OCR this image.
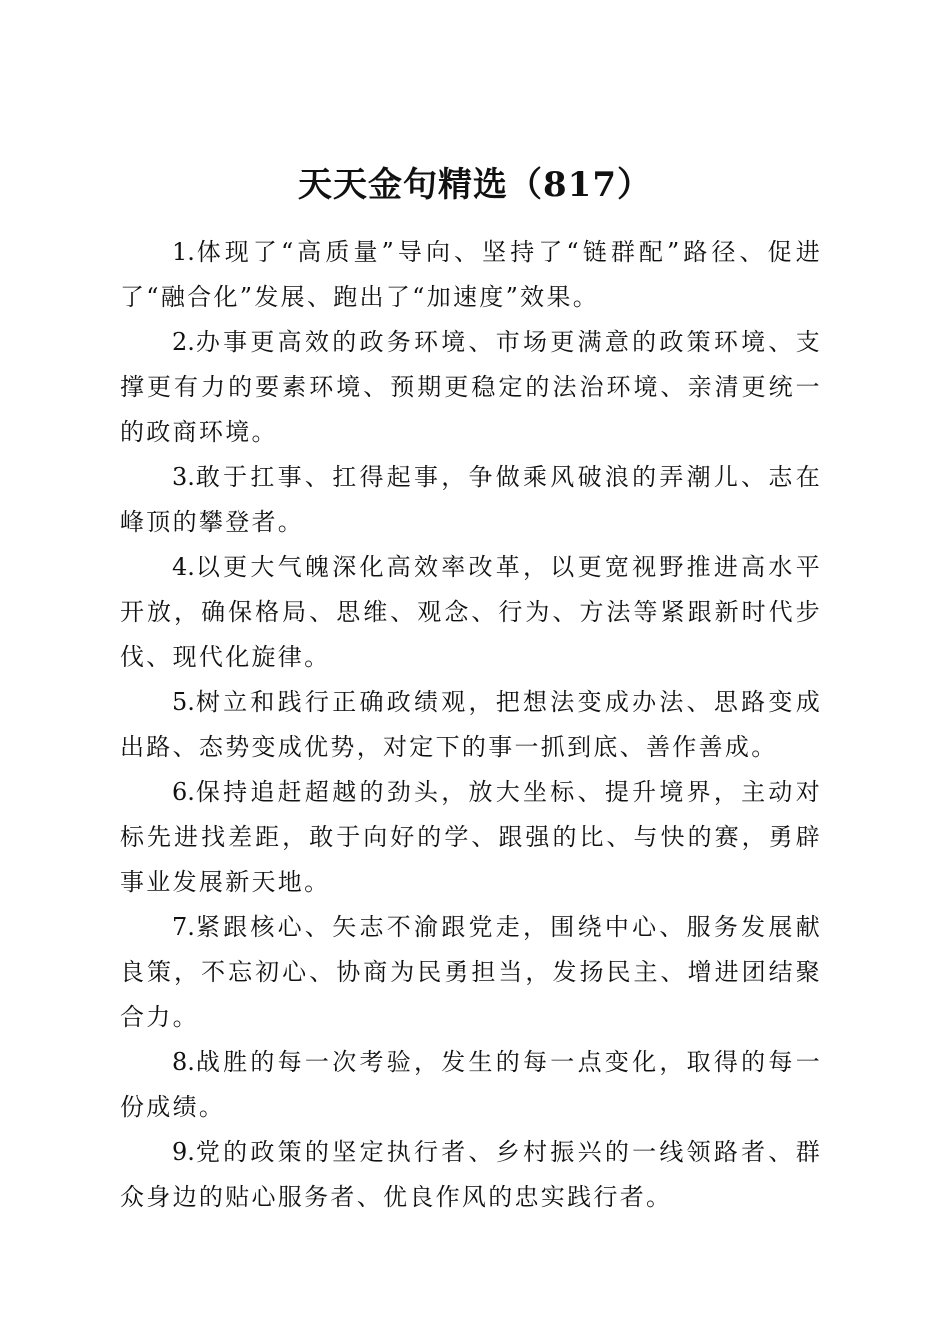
天天金句精选（817）

1.体现了“高质量”导向、坚持了“链群配”路径、促进了“融合化”发展、跑出了“加速度”效果。

2.办事更高效的政务环境、市场更满意的政策环境、支撑更有力的要素环境、预期更稳定的法治环境、亲清更统一的政商环境。

3.敢于扛事、扛得起事，争做乘风破浪的弄潮儿、志在峰顶的攀登者。

4.以更大气魄深化高效率改革，以更宽视野推进高水平开放，确保格局、思维、观念、行为、方法等紧跟新时代步伐、现代化旋律。

5.树立和践行正确政绩观，把想法变成办法、思路变成出路、态势变成优势，对定下的事一抓到底、善作善成。

6.保持追赶超越的劲头，放大坐标、提升境界，主动对标先进找差距，敢于向好的学、跟强的比、与快的赛，勇辟事业发展新天地。

7.紧跟核心、矢志不渝跟党走，围绕中心、服务发展献良策，不忘初心、协商为民勇担当，发扬民主、增进团结聚合力。

8.战胜的每一次考验，发生的每一点变化，取得的每一份成绩。

9.党的政策的坚定执行者、乡村振兴的一线领路者、群众身边的贴心服务者、优良作风的忠实践行者。
